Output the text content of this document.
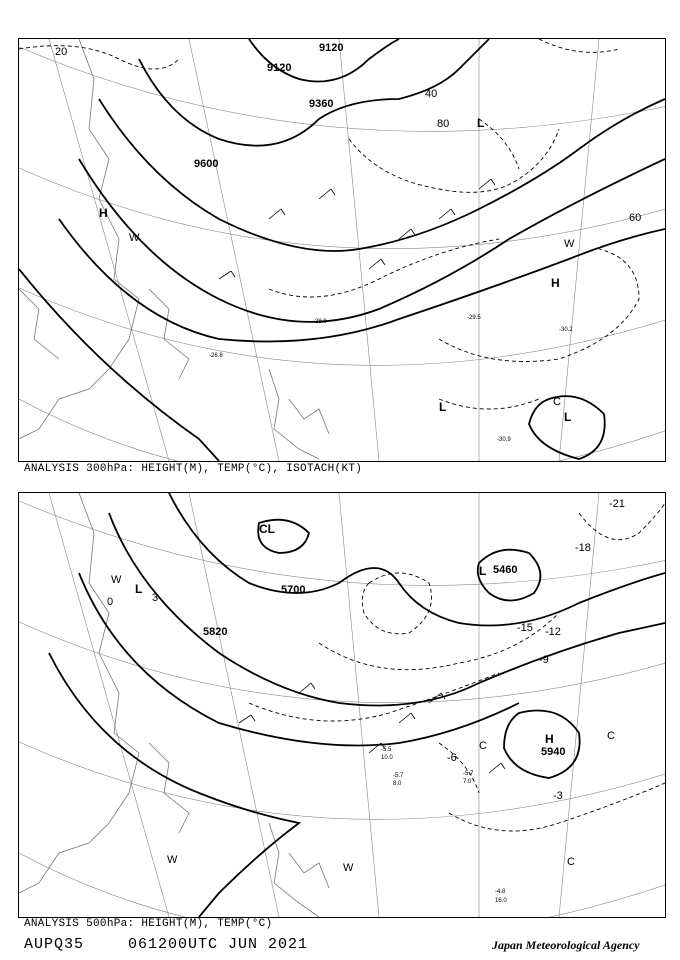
9120
9120
9360
9600
20
40
60
80
H
H
L
L
L
W	W
C
-30.9
-28.9
-26.8
-29.5
-30.2
ANALYSIS 300hPa: HEIGHT(M), TEMP(°C), ISOTACH(KT)
5460
5700
5820
5940
-21
-18
-15 -12
-9
-6
-3
0	3
L
L
CL
H
W
W
W
C
C
C
-4.8
16.0
-5.7
8.0
-5.5
10.0
-5.7
7.0
ANALYSIS 500hPa: HEIGHT(M), TEMP(°C)
AUPQ35	061200UTC JUN 2021	Japan Meteorological Agency
